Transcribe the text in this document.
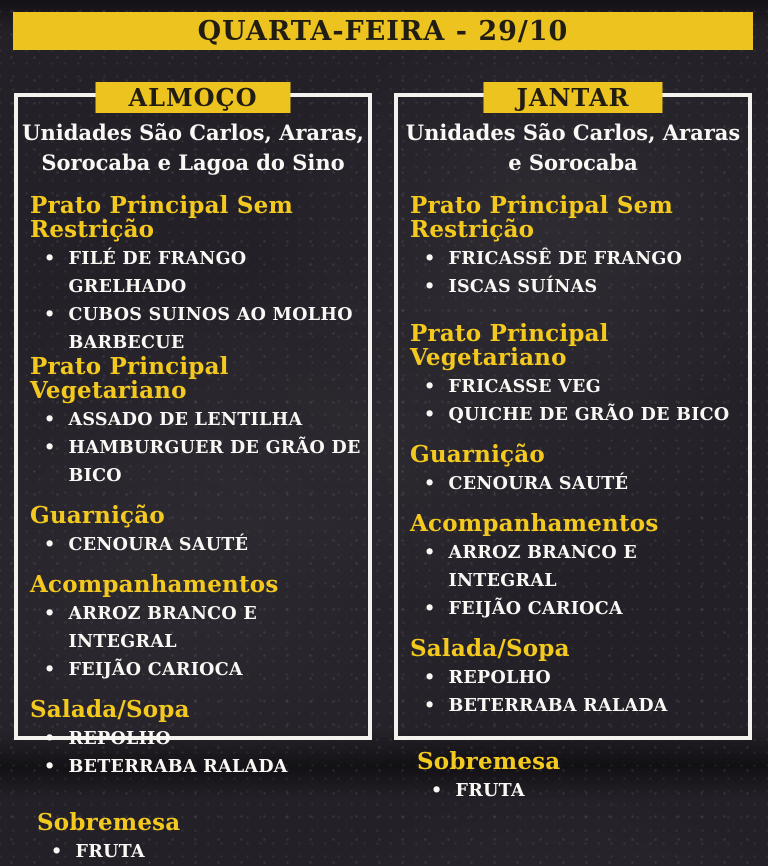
QUARTA-FEIRA - 29/10
ALMOÇO
Unidades São Carlos, Araras, Sorocaba e Lagoa do Sino
Prato Principal Sem Restrição
• FILÉ DE FRANGO GRELHADO
• CUBOS SUINOS AO MOLHO BARBECUE
Prato Principal Vegetariano
• ASSADO DE LENTILHA
• HAMBURGUER DE GRÃO DE BICO
Guarnição
• CENOURA SAUTÉ
Acompanhamentos
• ARROZ BRANCO E INTEGRAL
• FEIJÃO CARIOCA
Salada/Sopa
• REPOLHO
• BETERRABA RALADA
Sobremesa
• FRUTA
JANTAR
Unidades São Carlos, Araras e Sorocaba
Prato Principal Sem Restrição
• FRICASSÊ DE FRANGO
• ISCAS SUÍNAS
Prato Principal Vegetariano
• FRICASSE VEG
• QUICHE DE GRÃO DE BICO
Guarnição
• CENOURA SAUTÉ
Acompanhamentos
• ARROZ BRANCO E INTEGRAL
• FEIJÃO CARIOCA
Salada/Sopa
• REPOLHO
• BETERRABA RALADA
Sobremesa
• FRUTA
